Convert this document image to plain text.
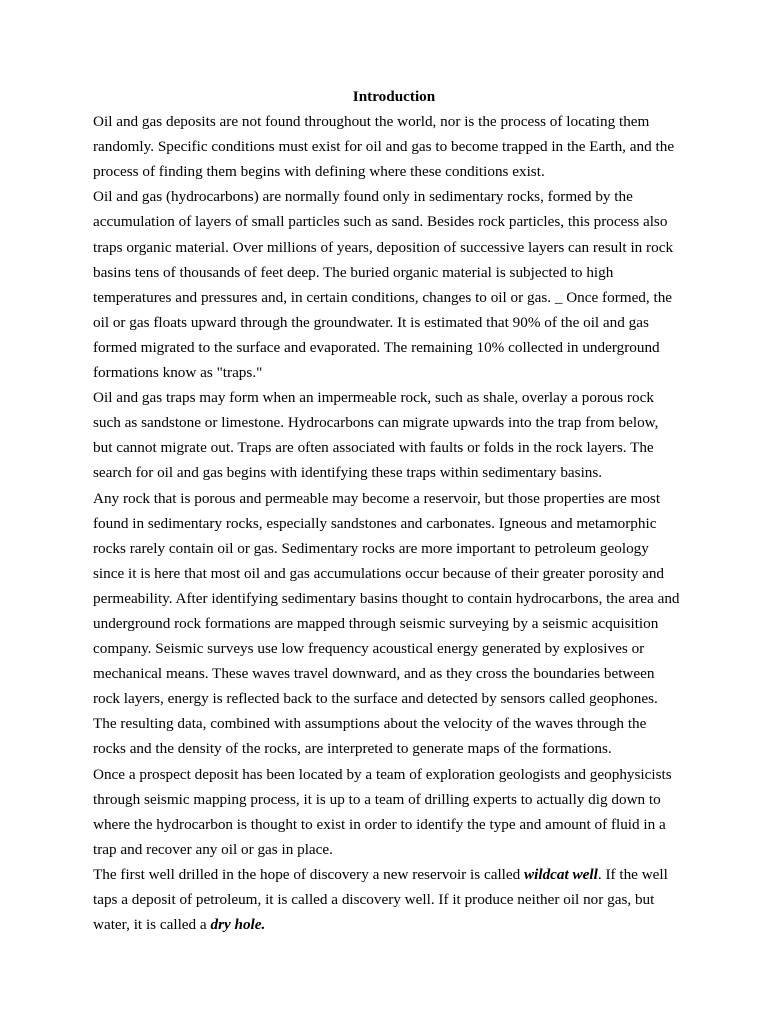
Introduction

Oil and gas deposits are not found throughout the world, nor is the process of locating them
randomly. Specific conditions must exist for oil and gas to become trapped in the Earth, and the
process of finding them begins with defining where these conditions exist.

Oil and gas (hydrocarbons) are normally found only in sedimentary rocks, formed by the
accumulation of layers of small particles such as sand. Besides rock particles, this process also
traps organic material. Over millions of years, deposition of successive layers can result in rock
basins tens of thousands of feet deep. The buried organic material is subjected to high
temperatures and pressures and, in certain conditions, changes to oil or gas. _ Once formed, the
oil or gas floats upward through the groundwater. It is estimated that 90% of the oil and gas
formed migrated to the surface and evaporated. The remaining 10% collected in underground
formations know as "traps."

Oil and gas traps may form when an impermeable rock, such as shale, overlay a porous rock
such as sandstone or limestone. Hydrocarbons can migrate upwards into the trap from below,
but cannot migrate out. Traps are often associated with faults or folds in the rock layers. The
search for oil and gas begins with identifying these traps within sedimentary basins.

Any rock that is porous and permeable may become a reservoir, but those properties are most
found in sedimentary rocks, especially sandstones and carbonates. Igneous and metamorphic
rocks rarely contain oil or gas. Sedimentary rocks are more important to petroleum geology
since it is here that most oil and gas accumulations occur because of their greater porosity and
permeability. After identifying sedimentary basins thought to contain hydrocarbons, the area and
underground rock formations are mapped through seismic surveying by a seismic acquisition
company. Seismic surveys use low frequency acoustical energy generated by explosives or
mechanical means. These waves travel downward, and as they cross the boundaries between
rock layers, energy is reflected back to the surface and detected by sensors called geophones.
The resulting data, combined with assumptions about the velocity of the waves through the
rocks and the density of the rocks, are interpreted to generate maps of the formations.

Once a prospect deposit has been located by a team of exploration geologists and geophysicists
through seismic mapping process, it is up to a team of drilling experts to actually dig down to
where the hydrocarbon is thought to exist in order to identify the type and amount of fluid in a
trap and recover any oil or gas in place.

The first well drilled in the hope of discovery a new reservoir is called wildcat well. If the well
taps a deposit of petroleum, it is called a discovery well. If it produce neither oil nor gas, but
water, it is called a dry hole.
